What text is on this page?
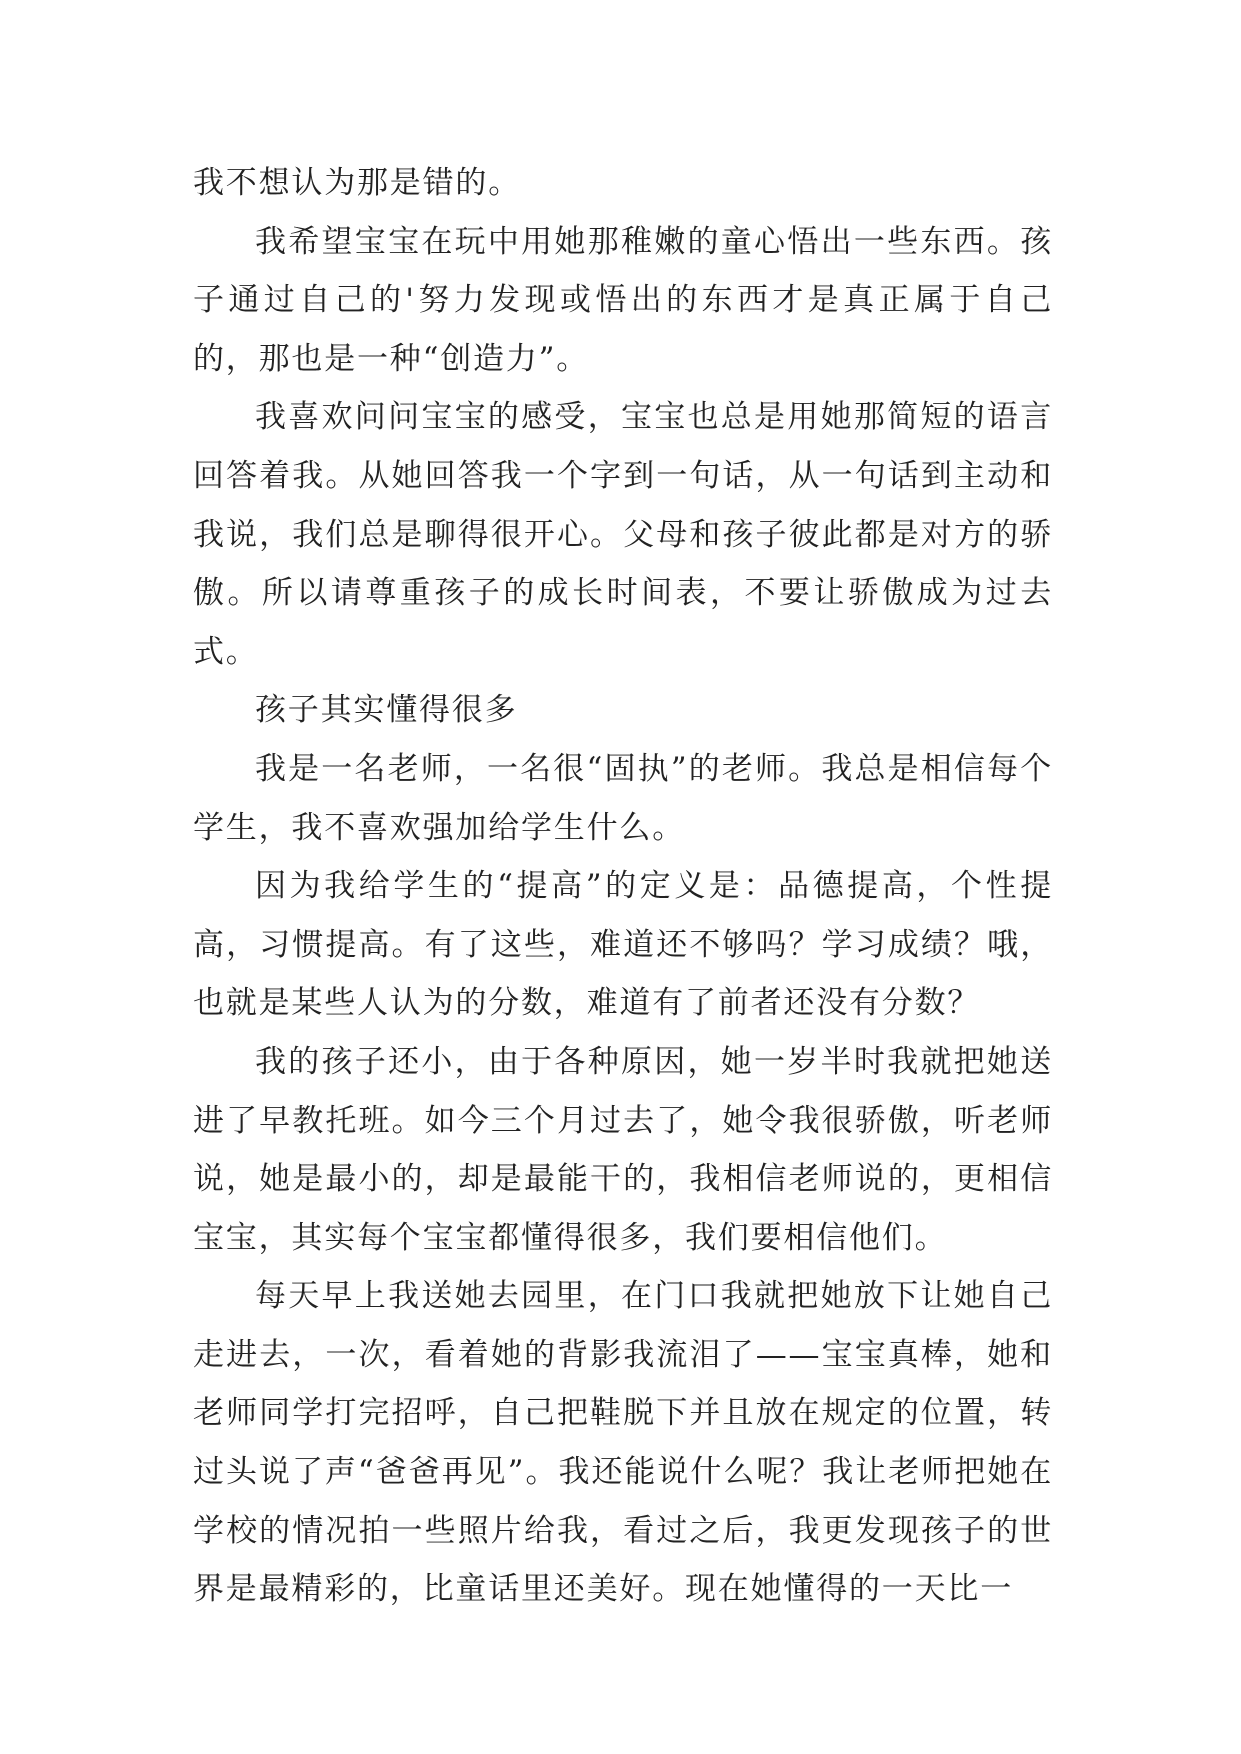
我不想认为那是错的。

我希望宝宝在玩中用她那稚嫩的童心悟出一些东西。孩子通过自己的'努力发现或悟出的东西才是真正属于自己的，那也是一种“创造力”。

我喜欢问问宝宝的感受，宝宝也总是用她那简短的语言回答着我。从她回答我一个字到一句话，从一句话到主动和我说，我们总是聊得很开心。父母和孩子彼此都是对方的骄傲。所以请尊重孩子的成长时间表，不要让骄傲成为过去式。

孩子其实懂得很多

我是一名老师，一名很“固执”的老师。我总是相信每个学生，我不喜欢强加给学生什么。

因为我给学生的“提高”的定义是：品德提高，个性提高，习惯提高。有了这些，难道还不够吗？学习成绩？哦，也就是某些人认为的分数，难道有了前者还没有分数？

我的孩子还小，由于各种原因，她一岁半时我就把她送进了早教托班。如今三个月过去了，她令我很骄傲，听老师说，她是最小的，却是最能干的，我相信老师说的，更相信宝宝，其实每个宝宝都懂得很多，我们要相信他们。

每天早上我送她去园里，在门口我就把她放下让她自己走进去，一次，看着她的背影我流泪了——宝宝真棒，她和老师同学打完招呼，自己把鞋脱下并且放在规定的位置，转过头说了声“爸爸再见”。我还能说什么呢？我让老师把她在学校的情况拍一些照片给我，看过之后，我更发现孩子的世界是最精彩的，比童话里还美好。现在她懂得的一天比一
